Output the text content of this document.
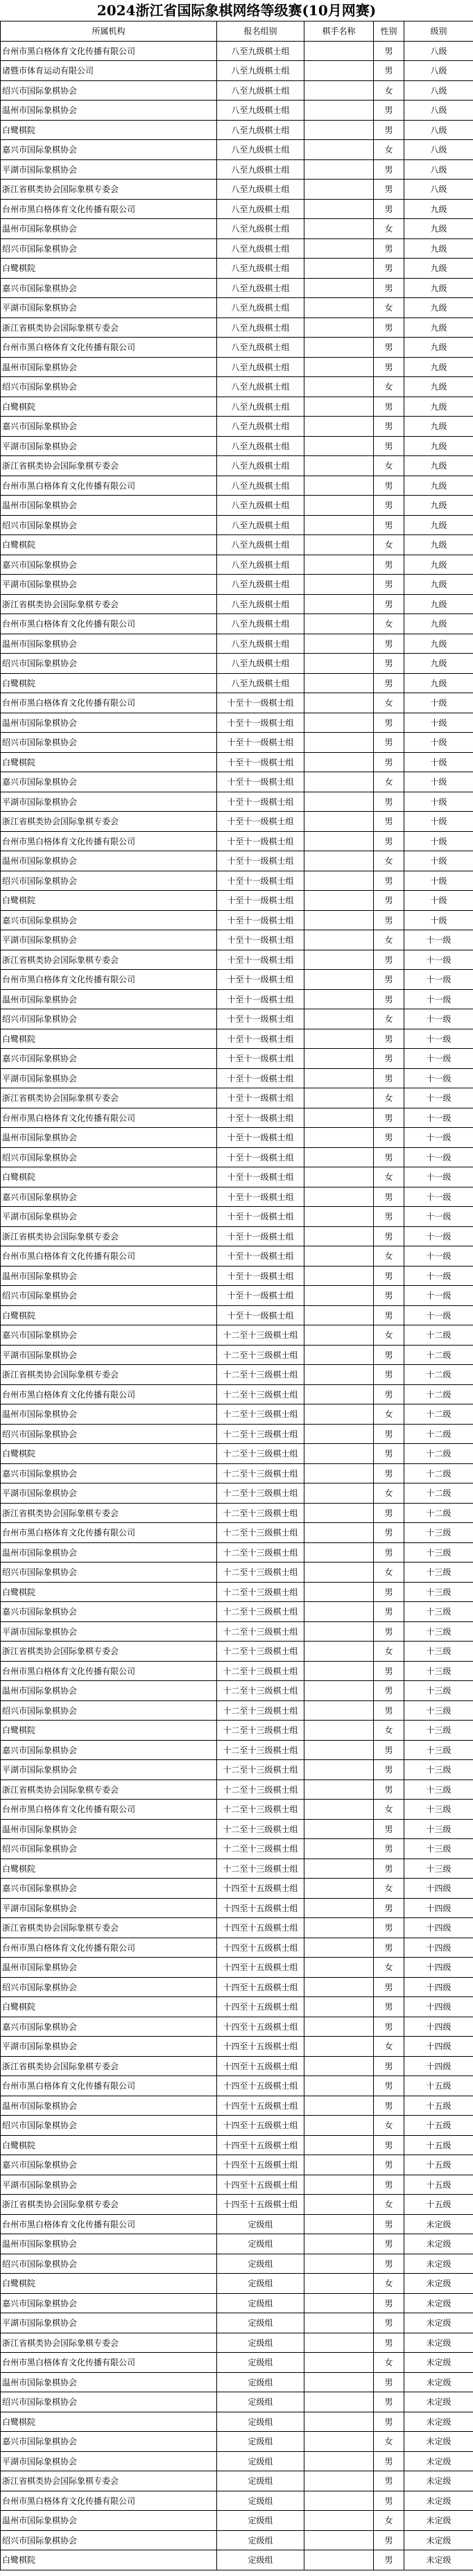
2024浙江省国际象棋网络等级赛(10月网赛)
所属机构	报名组别	棋手名称	性别	级别
台州市黑白格体育文化传播有限公司	八至九级棋士组		男	八级
诸暨市体育运动有限公司	八至九级棋士组		男	八级
绍兴市国际象棋协会	八至九级棋士组		女	八级
温州市国际象棋协会	八至九级棋士组		男	八级
白鹭棋院	八至九级棋士组		男	八级
嘉兴市国际象棋协会	八至九级棋士组		女	八级
平湖市国际象棋协会	八至九级棋士组		男	八级
浙江省棋类协会国际象棋专委会	八至九级棋士组		男	八级
台州市黑白格体育文化传播有限公司	八至九级棋士组		男	九级
温州市国际象棋协会	八至九级棋士组		女	九级
绍兴市国际象棋协会	八至九级棋士组		男	九级
白鹭棋院	八至九级棋士组		男	九级
嘉兴市国际象棋协会	八至九级棋士组		男	九级
平湖市国际象棋协会	八至九级棋士组		女	九级
浙江省棋类协会国际象棋专委会	八至九级棋士组		男	九级
台州市黑白格体育文化传播有限公司	八至九级棋士组		男	九级
温州市国际象棋协会	八至九级棋士组		男	九级
绍兴市国际象棋协会	八至九级棋士组		女	九级
白鹭棋院	八至九级棋士组		男	九级
嘉兴市国际象棋协会	八至九级棋士组		男	九级
平湖市国际象棋协会	八至九级棋士组		男	九级
浙江省棋类协会国际象棋专委会	八至九级棋士组		女	九级
台州市黑白格体育文化传播有限公司	八至九级棋士组		男	九级
温州市国际象棋协会	八至九级棋士组		男	九级
绍兴市国际象棋协会	八至九级棋士组		男	九级
白鹭棋院	八至九级棋士组		女	九级
嘉兴市国际象棋协会	八至九级棋士组		男	九级
平湖市国际象棋协会	八至九级棋士组		男	九级
浙江省棋类协会国际象棋专委会	八至九级棋士组		男	九级
台州市黑白格体育文化传播有限公司	八至九级棋士组		女	九级
温州市国际象棋协会	八至九级棋士组		男	九级
绍兴市国际象棋协会	八至九级棋士组		男	九级
白鹭棋院	八至九级棋士组		男	九级
台州市黑白格体育文化传播有限公司	十至十一级棋士组		女	十级
温州市国际象棋协会	十至十一级棋士组		男	十级
绍兴市国际象棋协会	十至十一级棋士组		男	十级
白鹭棋院	十至十一级棋士组		男	十级
嘉兴市国际象棋协会	十至十一级棋士组		女	十级
平湖市国际象棋协会	十至十一级棋士组		男	十级
浙江省棋类协会国际象棋专委会	十至十一级棋士组		男	十级
台州市黑白格体育文化传播有限公司	十至十一级棋士组		男	十级
温州市国际象棋协会	十至十一级棋士组		女	十级
绍兴市国际象棋协会	十至十一级棋士组		男	十级
白鹭棋院	十至十一级棋士组		男	十级
嘉兴市国际象棋协会	十至十一级棋士组		男	十级
平湖市国际象棋协会	十至十一级棋士组		女	十一级
浙江省棋类协会国际象棋专委会	十至十一级棋士组		男	十一级
台州市黑白格体育文化传播有限公司	十至十一级棋士组		男	十一级
温州市国际象棋协会	十至十一级棋士组		男	十一级
绍兴市国际象棋协会	十至十一级棋士组		女	十一级
白鹭棋院	十至十一级棋士组		男	十一级
嘉兴市国际象棋协会	十至十一级棋士组		男	十一级
平湖市国际象棋协会	十至十一级棋士组		男	十一级
浙江省棋类协会国际象棋专委会	十至十一级棋士组		女	十一级
台州市黑白格体育文化传播有限公司	十至十一级棋士组		男	十一级
温州市国际象棋协会	十至十一级棋士组		男	十一级
绍兴市国际象棋协会	十至十一级棋士组		男	十一级
白鹭棋院	十至十一级棋士组		女	十一级
嘉兴市国际象棋协会	十至十一级棋士组		男	十一级
平湖市国际象棋协会	十至十一级棋士组		男	十一级
浙江省棋类协会国际象棋专委会	十至十一级棋士组		男	十一级
台州市黑白格体育文化传播有限公司	十至十一级棋士组		女	十一级
温州市国际象棋协会	十至十一级棋士组		男	十一级
绍兴市国际象棋协会	十至十一级棋士组		男	十一级
白鹭棋院	十至十一级棋士组		男	十一级
嘉兴市国际象棋协会	十二至十三级棋士组		女	十二级
平湖市国际象棋协会	十二至十三级棋士组		男	十二级
浙江省棋类协会国际象棋专委会	十二至十三级棋士组		男	十二级
台州市黑白格体育文化传播有限公司	十二至十三级棋士组		男	十二级
温州市国际象棋协会	十二至十三级棋士组		女	十二级
绍兴市国际象棋协会	十二至十三级棋士组		男	十二级
白鹭棋院	十二至十三级棋士组		男	十二级
嘉兴市国际象棋协会	十二至十三级棋士组		男	十二级
平湖市国际象棋协会	十二至十三级棋士组		女	十二级
浙江省棋类协会国际象棋专委会	十二至十三级棋士组		男	十二级
台州市黑白格体育文化传播有限公司	十二至十三级棋士组		男	十三级
温州市国际象棋协会	十二至十三级棋士组		男	十三级
绍兴市国际象棋协会	十二至十三级棋士组		女	十三级
白鹭棋院	十二至十三级棋士组		男	十三级
嘉兴市国际象棋协会	十二至十三级棋士组		男	十三级
平湖市国际象棋协会	十二至十三级棋士组		男	十三级
浙江省棋类协会国际象棋专委会	十二至十三级棋士组		女	十三级
台州市黑白格体育文化传播有限公司	十二至十三级棋士组		男	十三级
温州市国际象棋协会	十二至十三级棋士组		男	十三级
绍兴市国际象棋协会	十二至十三级棋士组		男	十三级
白鹭棋院	十二至十三级棋士组		女	十三级
嘉兴市国际象棋协会	十二至十三级棋士组		男	十三级
平湖市国际象棋协会	十二至十三级棋士组		男	十三级
浙江省棋类协会国际象棋专委会	十二至十三级棋士组		男	十三级
台州市黑白格体育文化传播有限公司	十二至十三级棋士组		女	十三级
温州市国际象棋协会	十二至十三级棋士组		男	十三级
绍兴市国际象棋协会	十二至十三级棋士组		男	十三级
白鹭棋院	十二至十三级棋士组		男	十三级
嘉兴市国际象棋协会	十四至十五级棋士组		女	十四级
平湖市国际象棋协会	十四至十五级棋士组		男	十四级
浙江省棋类协会国际象棋专委会	十四至十五级棋士组		男	十四级
台州市黑白格体育文化传播有限公司	十四至十五级棋士组		男	十四级
温州市国际象棋协会	十四至十五级棋士组		女	十四级
绍兴市国际象棋协会	十四至十五级棋士组		男	十四级
白鹭棋院	十四至十五级棋士组		男	十四级
嘉兴市国际象棋协会	十四至十五级棋士组		男	十四级
平湖市国际象棋协会	十四至十五级棋士组		女	十四级
浙江省棋类协会国际象棋专委会	十四至十五级棋士组		男	十四级
台州市黑白格体育文化传播有限公司	十四至十五级棋士组		男	十五级
温州市国际象棋协会	十四至十五级棋士组		男	十五级
绍兴市国际象棋协会	十四至十五级棋士组		女	十五级
白鹭棋院	十四至十五级棋士组		男	十五级
嘉兴市国际象棋协会	十四至十五级棋士组		男	十五级
平湖市国际象棋协会	十四至十五级棋士组		男	十五级
浙江省棋类协会国际象棋专委会	十四至十五级棋士组		女	十五级
台州市黑白格体育文化传播有限公司	定级组		男	未定级
温州市国际象棋协会	定级组		男	未定级
绍兴市国际象棋协会	定级组		男	未定级
白鹭棋院	定级组		女	未定级
嘉兴市国际象棋协会	定级组		男	未定级
平湖市国际象棋协会	定级组		男	未定级
浙江省棋类协会国际象棋专委会	定级组		男	未定级
台州市黑白格体育文化传播有限公司	定级组		女	未定级
温州市国际象棋协会	定级组		男	未定级
绍兴市国际象棋协会	定级组		男	未定级
白鹭棋院	定级组		男	未定级
嘉兴市国际象棋协会	定级组		女	未定级
平湖市国际象棋协会	定级组		男	未定级
浙江省棋类协会国际象棋专委会	定级组		男	未定级
台州市黑白格体育文化传播有限公司	定级组		男	未定级
温州市国际象棋协会	定级组		女	未定级
绍兴市国际象棋协会	定级组		男	未定级
白鹭棋院	定级组		男	未定级
